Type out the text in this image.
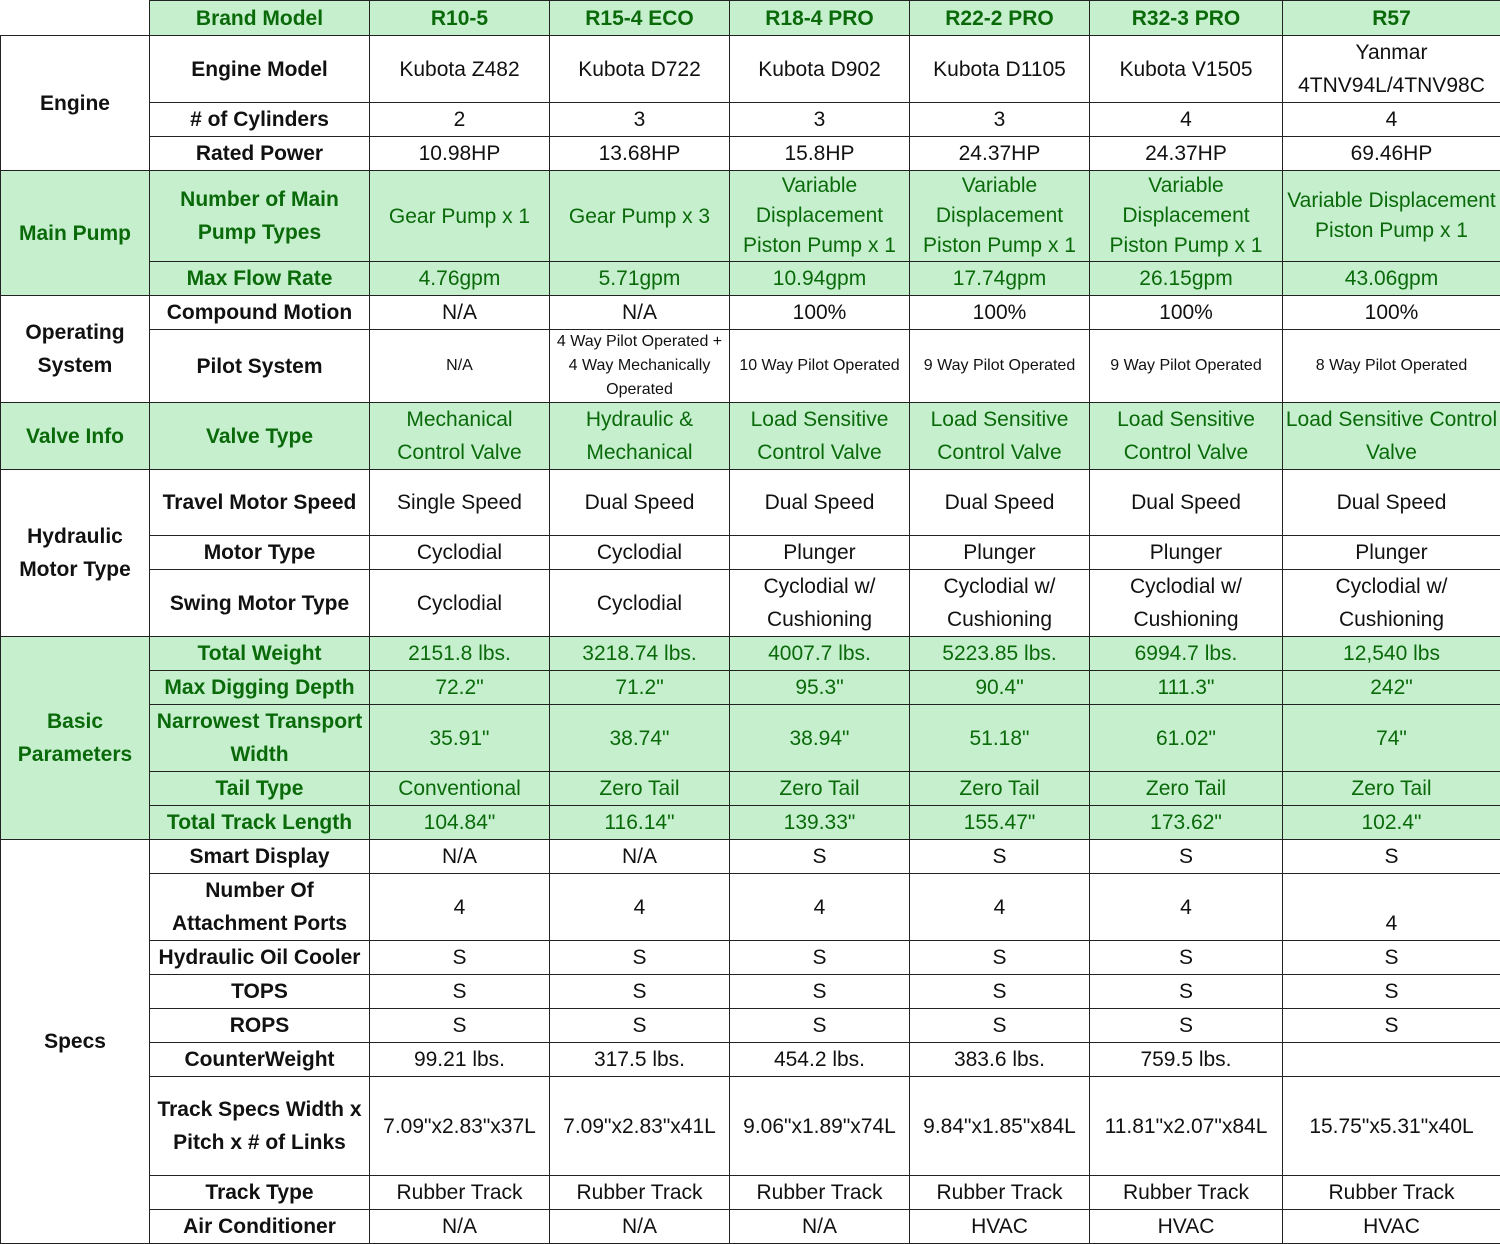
	Brand Model	R10-5	R15-4 ECO	R18-4 PRO	R22-2 PRO	R32-3 PRO	R57
Engine	Engine Model	Kubota Z482	Kubota D722	Kubota D902	Kubota D1105	Kubota V1505	Yanmar 4TNV94L/4TNV98C
	# of Cylinders	2	3	3	3	4	4
	Rated Power	10.98HP	13.68HP	15.8HP	24.37HP	24.37HP	69.46HP
Main Pump	Number of Main Pump Types	Gear Pump x 1	Gear Pump x 3	Variable Displacement Piston Pump x 1	Variable Displacement Piston Pump x 1	Variable Displacement Piston Pump x 1	Variable Displacement Piston Pump x 1
	Max Flow Rate	4.76gpm	5.71gpm	10.94gpm	17.74gpm	26.15gpm	43.06gpm
Operating System	Compound Motion	N/A	N/A	100%	100%	100%	100%
	Pilot System	N/A	4 Way Pilot Operated + 4 Way Mechanically Operated	10 Way Pilot Operated	9 Way Pilot Operated	9 Way Pilot Operated	8 Way Pilot Operated
Valve Info	Valve Type	Mechanical Control Valve	Hydraulic & Mechanical	Load Sensitive Control Valve	Load Sensitive Control Valve	Load Sensitive Control Valve	Load Sensitive Control Valve
Hydraulic Motor Type	Travel Motor Speed	Single Speed	Dual Speed	Dual Speed	Dual Speed	Dual Speed	Dual Speed
	Motor Type	Cyclodial	Cyclodial	Plunger	Plunger	Plunger	Plunger
	Swing Motor Type	Cyclodial	Cyclodial	Cyclodial w/ Cushioning	Cyclodial w/ Cushioning	Cyclodial w/ Cushioning	Cyclodial w/ Cushioning
Basic Parameters	Total Weight	2151.8 lbs.	3218.74 lbs.	4007.7 lbs.	5223.85 lbs.	6994.7 lbs.	12,540 lbs
	Max Digging Depth	72.2"	71.2"	95.3"	90.4"	111.3"	242"
	Narrowest Transport Width	35.91"	38.74"	38.94"	51.18"	61.02"	74"
	Tail Type	Conventional	Zero Tail	Zero Tail	Zero Tail	Zero Tail	Zero Tail
	Total Track Length	104.84"	116.14"	139.33"	155.47"	173.62"	102.4"
Specs	Smart Display	N/A	N/A	S	S	S	S
	Number Of Attachment Ports	4	4	4	4	4	4
	Hydraulic Oil Cooler	S	S	S	S	S	S
	TOPS	S	S	S	S	S	S
	ROPS	S	S	S	S	S	S
	CounterWeight	99.21 lbs.	317.5 lbs.	454.2 lbs.	383.6 lbs.	759.5 lbs.	
	Track Specs Width x Pitch x # of Links	7.09"x2.83"x37L	7.09"x2.83"x41L	9.06"x1.89"x74L	9.84"x1.85"x84L	11.81"x2.07"x84L	15.75"x5.31"x40L
	Track Type	Rubber Track	Rubber Track	Rubber Track	Rubber Track	Rubber Track	Rubber Track
	Air Conditioner	N/A	N/A	N/A	HVAC	HVAC	HVAC
